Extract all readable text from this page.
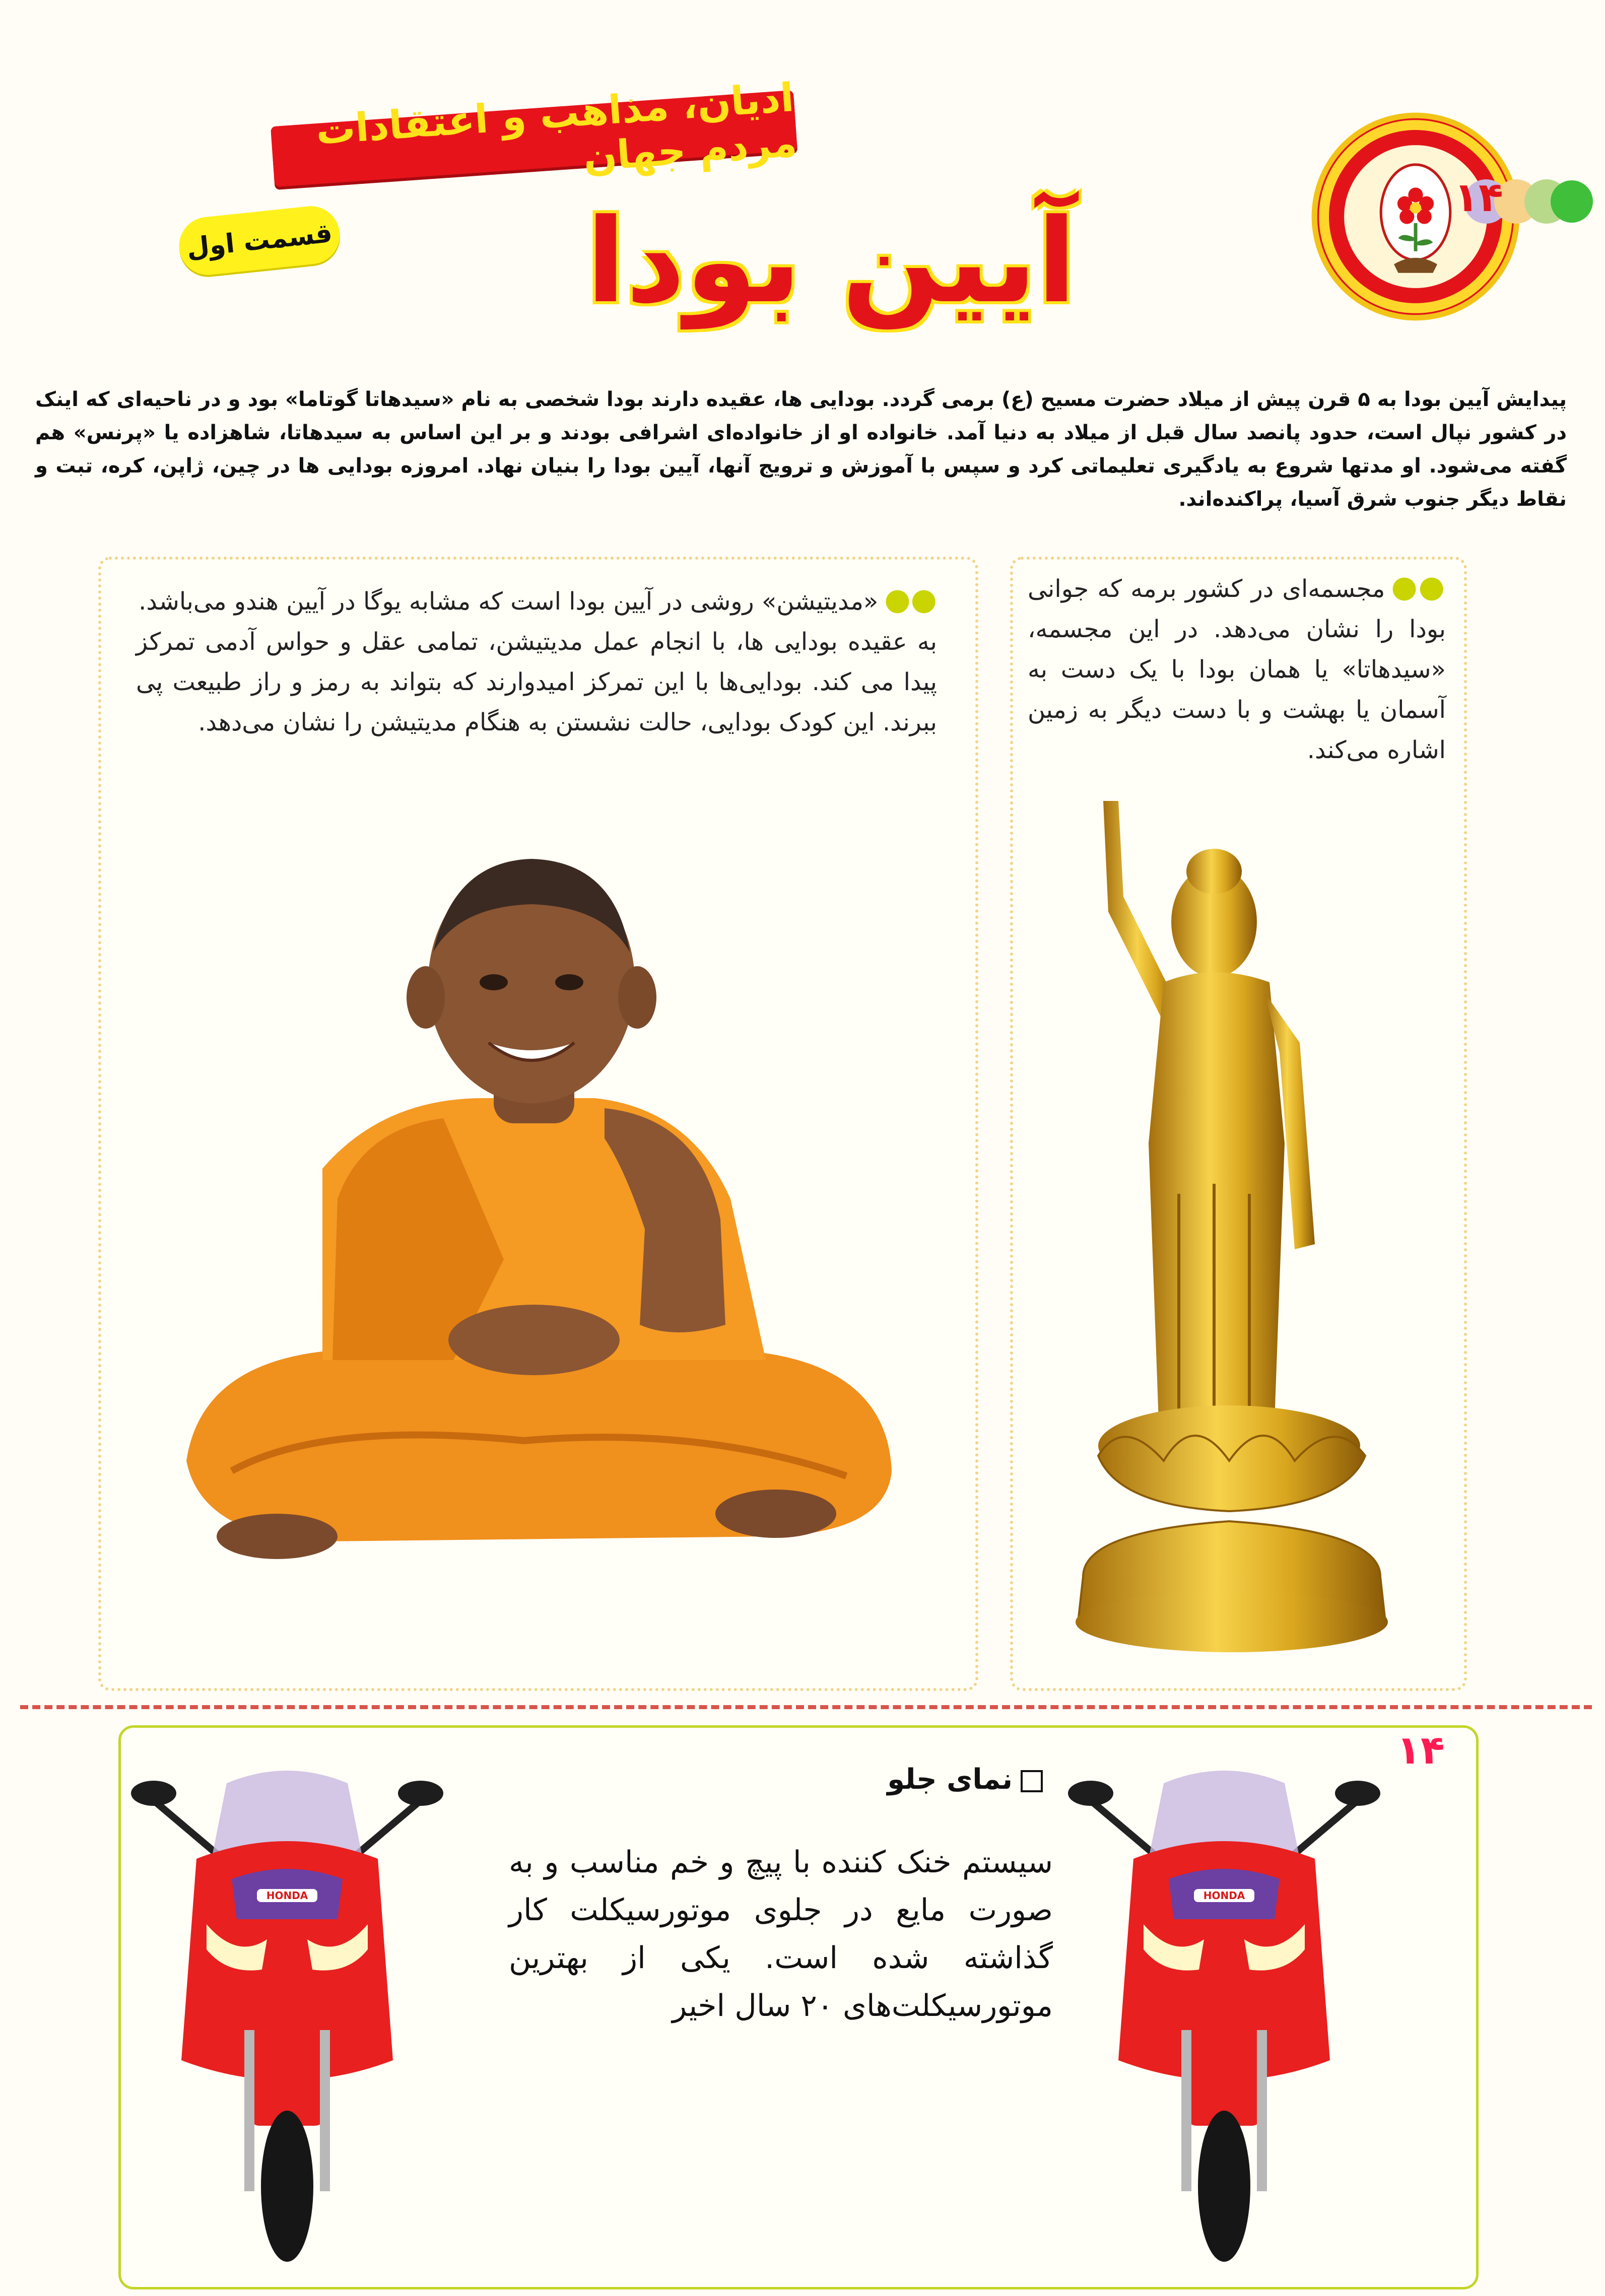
۱۴
ادیان، مذاهب و اعتقادات مردم جهان
قسمت اول آیین بودا
پیدایش آیین بودا به ۵ قرن پیش از میلاد حضرت مسیح (ع) برمی گردد. بودایی ها، عقیده دارند بودا شخصی به نام «سیدهاتا گوتاما» بود و در ناحیه‌ای که اینک در کشور نپال است، حدود پانصد سال قبل از میلاد به دنیا آمد. خانواده او از خانواده‌ای اشرافی بودند و بر این اساس به سیدهاتا، شاهزاده یا «پرنس» هم گفته می‌شود. او مدتها شروع به یادگیری تعلیماتی کرد و سپس با آموزش و ترویج آنها، آیین بودا را بنیان نهاد. امروزه بودایی ها در چین، ژاپن، کره، تبت و نقاط دیگر جنوب شرق آسیا، پراکنده‌اند.
●●«مدیتیشن» روشی در آیین بودا است که مشابه یوگا در آیین هندو می‌باشد.
به عقیده بودایی ها، با انجام عمل مدیتیشن، تمامی عقل و حواس آدمی تمرکز پیدا می کند. بودایی‌ها با این تمرکز امیدوارند که بتواند به رمز و راز طبیعت پی ببرند. این کودک بودایی، حالت نشستن به هنگام مدیتیشن را نشان می‌دهد.
●●مجسمه‌ای در کشور برمه که جوانی بودا را نشان می‌دهد. در این مجسمه، «سیدهاتا» یا همان بودا با یک دست به آسمان یا بهشت و با دست دیگر به زمین اشاره می‌کند.
۱۴
نمای جلو
سیستم خنک کننده با پیچ و خم مناسب و به صورت مایع در جلوی موتورسیکلت کار گذاشته شده است. یکی از بهترین موتورسیکلت‌های ۲۰ سال اخیر
HONDA	HONDA
